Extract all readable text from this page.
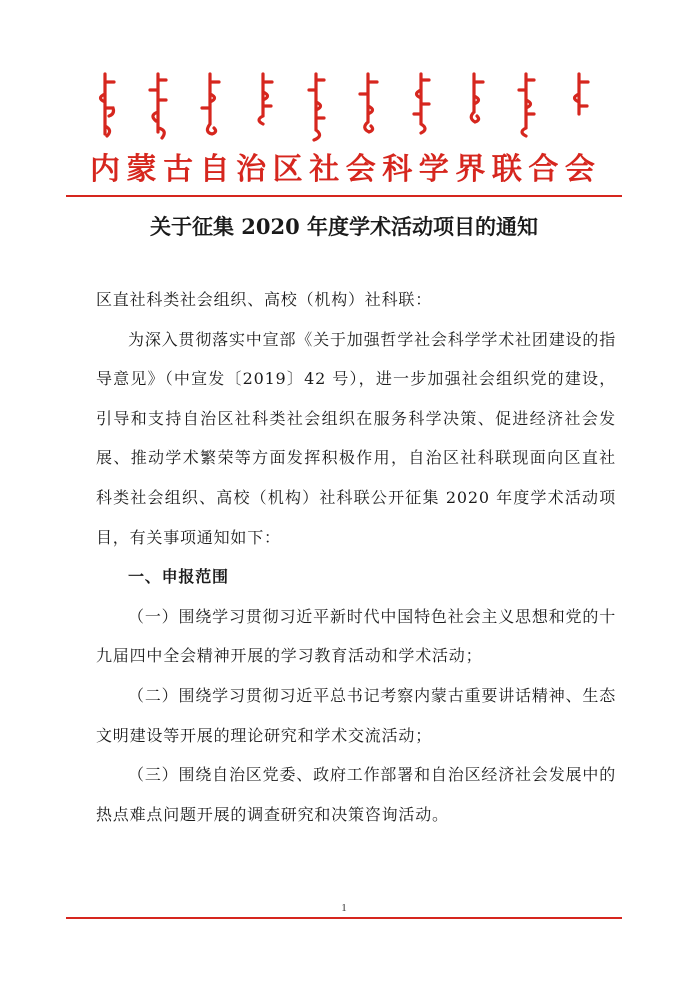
内 蒙 古 自 治 区 社 会 科 学 界 联 合 会
关于征集 2020 年度学术活动项目的通知

区直社科类社会组织、高校（机构）社科联：

为深入贯彻落实中宣部《关于加强哲学社会科学学术社团建设的指导意见》（中宣发〔2019〕42 号），进一步加强社会组织党的建设，引导和支持自治区社科类社会组织在服务科学决策、促进经济社会发展、推动学术繁荣等方面发挥积极作用，自治区社科联现面向区直社科类社会组织、高校（机构）社科联公开征集 2020 年度学术活动项目，有关事项通知如下：

一、申报范围

（一）围绕学习贯彻习近平新时代中国特色社会主义思想和党的十九届四中全会精神开展的学习教育活动和学术活动；

（二）围绕学习贯彻习近平总书记考察内蒙古重要讲话精神、生态文明建设等开展的理论研究和学术交流活动；

（三）围绕自治区党委、政府工作部署和自治区经济社会发展中的热点难点问题开展的调查研究和决策咨询活动。

1
